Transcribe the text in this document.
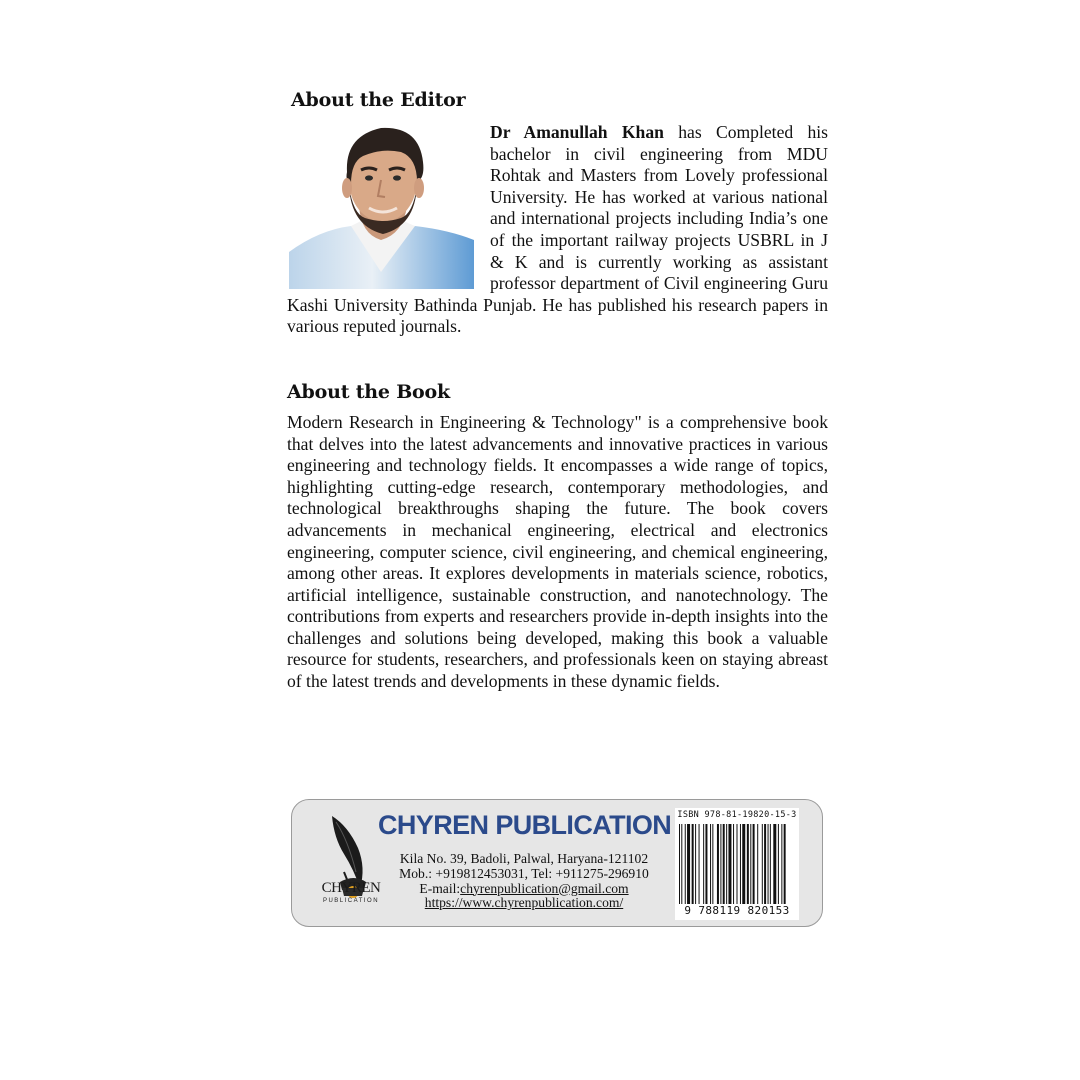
About the Editor

Dr Amanullah Khan has Completed his bachelor in civil engineering from MDU Rohtak and Masters from Lovely professional University. He has worked at various national and international projects including India’s one of the important railway projects USBRL in J & K and is currently working as assistant professor department of Civil engineering Guru Kashi University Bathinda Punjab. He has published his research papers in various reputed journals.

About the Book

Modern Research in Engineering & Technology" is a comprehensive book that delves into the latest advancements and innovative practices in various engineering and technology fields. It encompasses a wide range of topics, highlighting cutting-edge research, contemporary methodologies, and technological breakthroughs shaping the future. The book covers advancements in mechanical engineering, electrical and electronics engineering, computer science, civil engineering, and chemical engineering, among other areas. It explores developments in materials science, robotics, artificial intelligence, sustainable construction, and nanotechnology. The contributions from experts and researchers provide in-depth insights into the challenges and solutions being developed, making this book a valuable resource for students, researchers, and professionals keen on staying abreast of the latest trends and developments in these dynamic fields.

CHYREN
PUBLICATION
CHYREN PUBLICATION
Kila No. 39, Badoli, Palwal, Haryana-121102
Mob.: +919812453031, Tel: +911275-296910
E-mail:chyrenpublication@gmail.com
https://www.chyrenpublication.com/
ISBN 978-81-19820-15-3
9 788119 820153
